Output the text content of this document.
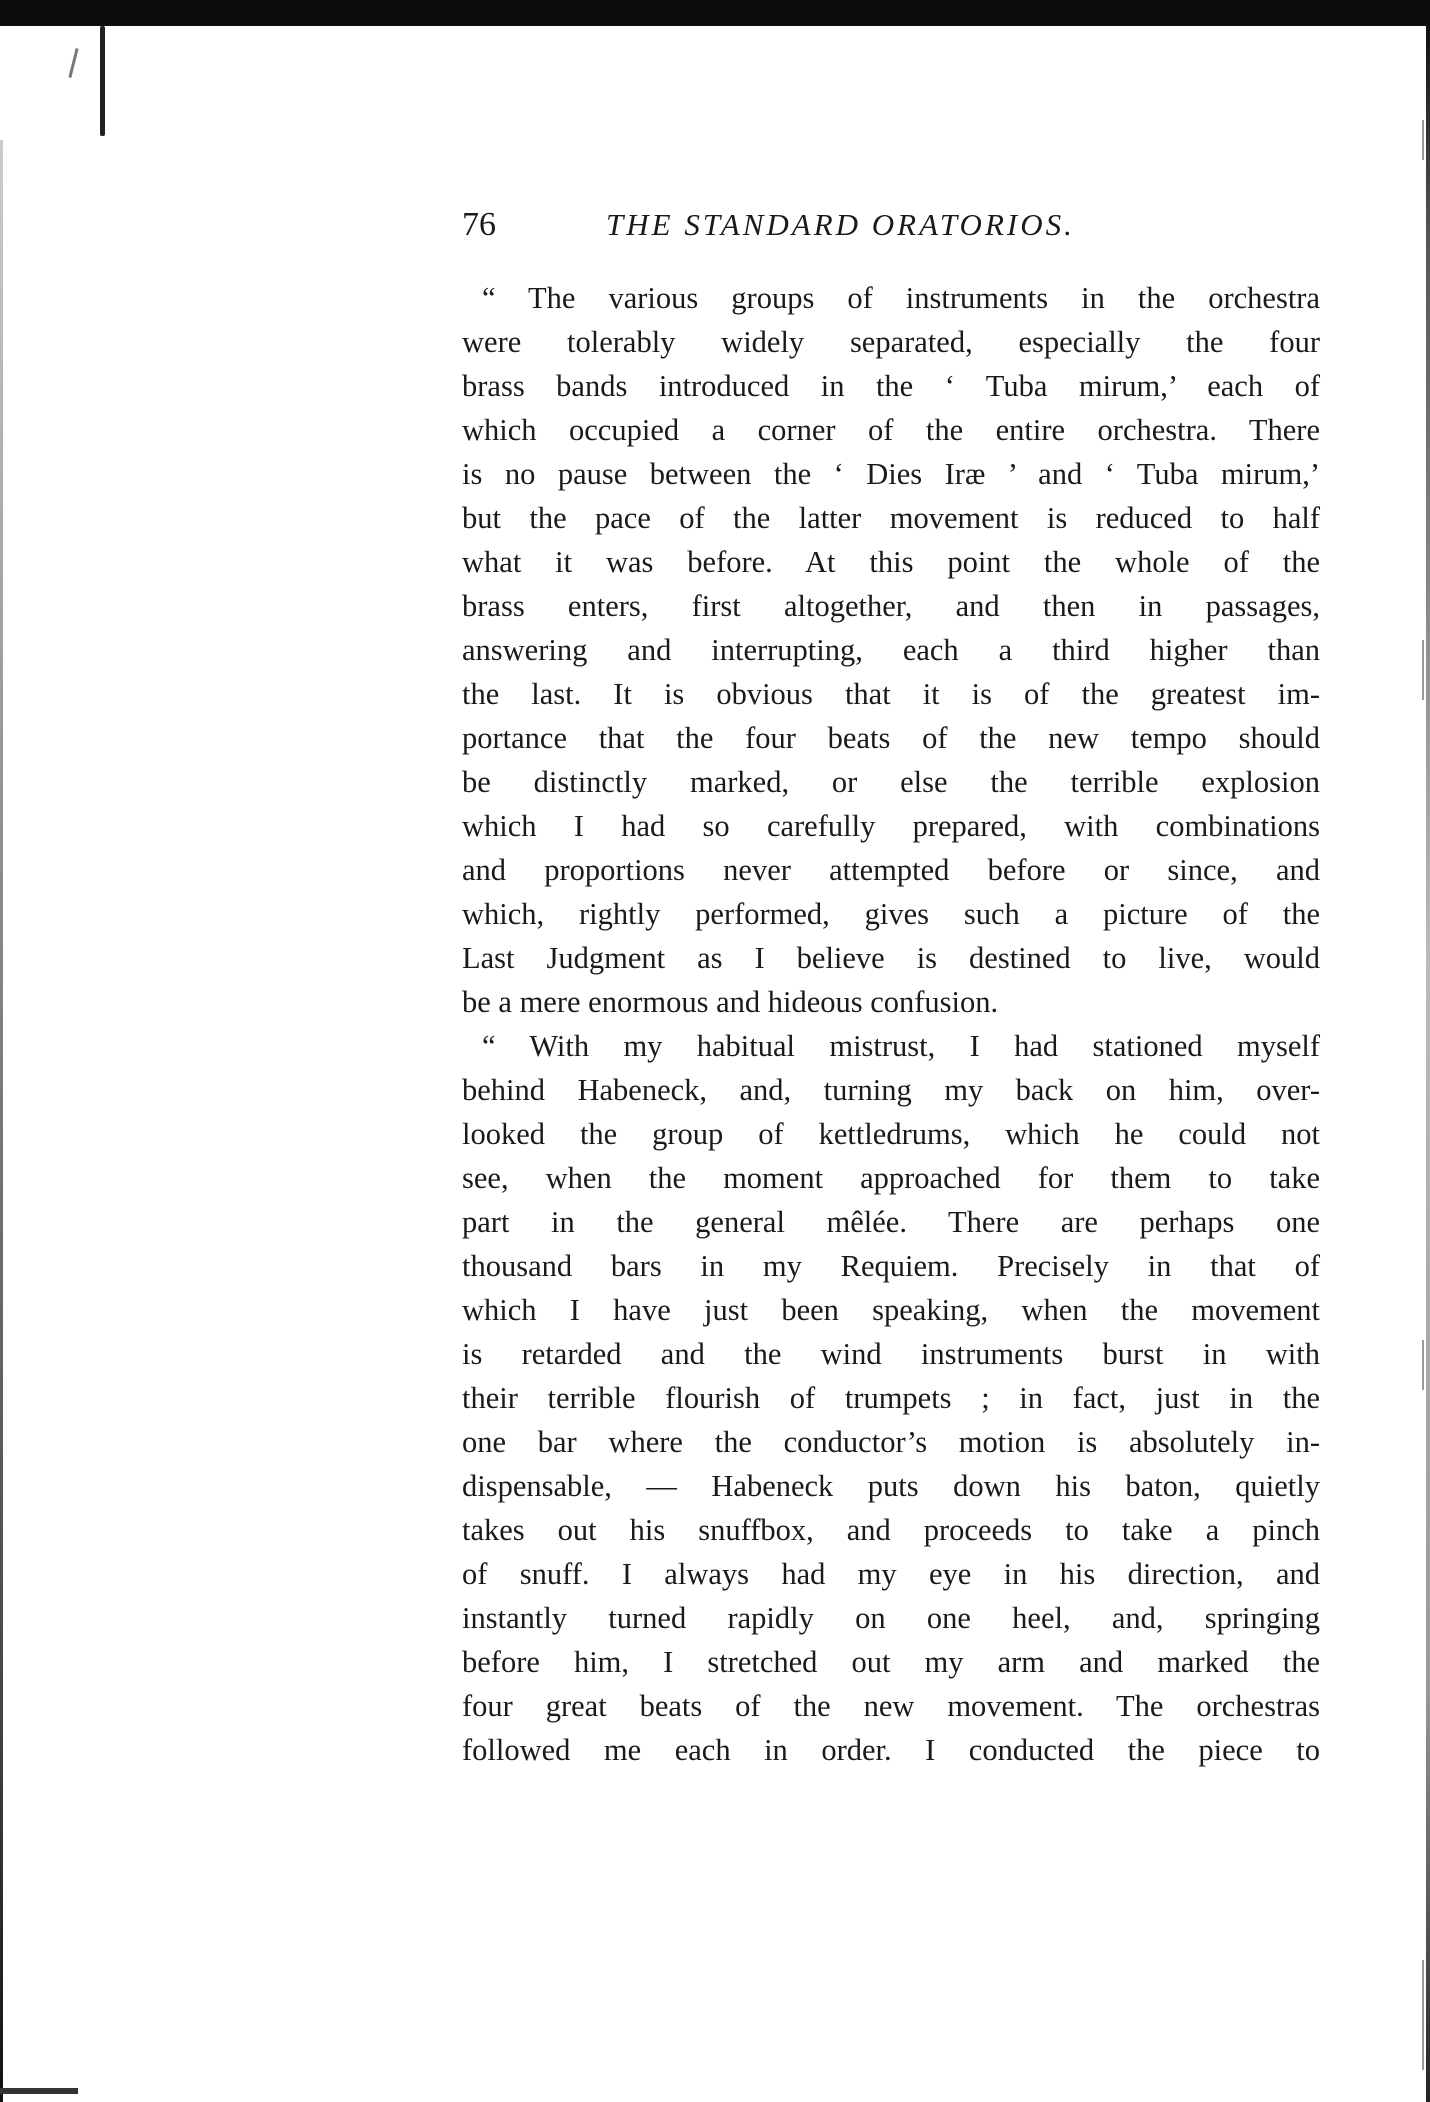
76	THE STANDARD ORATORIOS.
“ The various groups of instruments in the orchestra
were tolerably widely separated, especially the four
brass bands introduced in the ‘ Tuba mirum,’ each of
which occupied a corner of the entire orchestra. There
is no pause between the ‘ Dies Iræ ’ and ‘ Tuba mirum,’
but the pace of the latter movement is reduced to half
what it was before. At this point the whole of the
brass enters, first altogether, and then in passages,
answering and interrupting, each a third higher than
the last. It is obvious that it is of the greatest im-
portance that the four beats of the new tempo should
be distinctly marked, or else the terrible explosion
which I had so carefully prepared, with combinations
and proportions never attempted before or since, and
which, rightly performed, gives such a picture of the
Last Judgment as I believe is destined to live, would
be a mere enormous and hideous confusion.
“ With my habitual mistrust, I had stationed myself
behind Habeneck, and, turning my back on him, over-
looked the group of kettledrums, which he could not
see, when the moment approached for them to take
part in the general mêlée. There are perhaps one
thousand bars in my Requiem. Precisely in that of
which I have just been speaking, when the movement
is retarded and the wind instruments burst in with
their terrible flourish of trumpets ; in fact, just in the
one bar where the conductor’s motion is absolutely in-
dispensable, — Habeneck puts down his baton, quietly
takes out his snuffbox, and proceeds to take a pinch
of snuff. I always had my eye in his direction, and
instantly turned rapidly on one heel, and, springing
before him, I stretched out my arm and marked the
four great beats of the new movement. The orchestras
followed me each in order. I conducted the piece to
